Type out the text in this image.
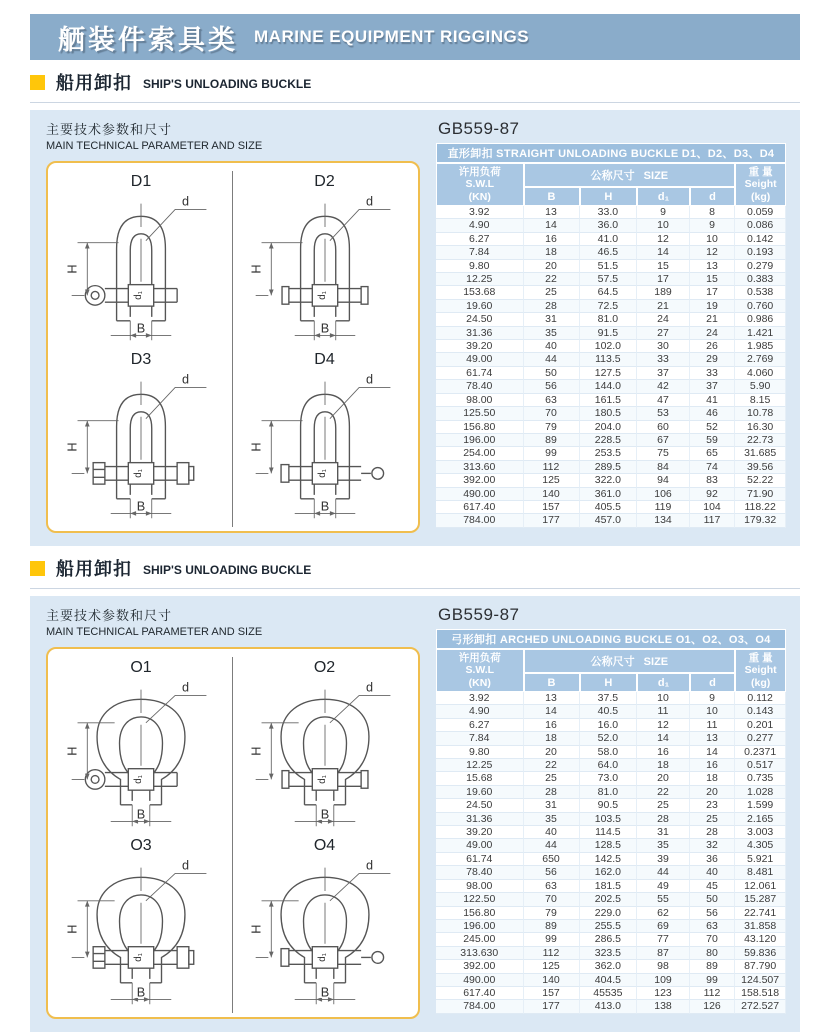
舾装件索具类 MARINE EQUIPMENT RIGGINGS
船用卸扣 SHIP'S UNLOADING BUCKLE
主要技术参数和尺寸
MAIN TECHNICAL PARAMETER AND SIZE
D1
d
H
B
d₁
D2
d
H
B
d₁
D3
d
H
B
d₁
D4
d
H
B
d₁
GB559-87
直形卸扣 STRAIGHT UNLOADING BUCKLE D1、D2、D3、D4					

许用负荷
S.W.L
(KN)
	公称尺寸 SIZE	重 量
Seight
(kg)

	B	H	d₁	d	
3.92	13	33.0	9	8	0.059
4.90	14	36.0	10	9	0.086
6.27	16	41.0	12	10	0.142
7.84	18	46.5	14	12	0.193
9.80	20	51.5	15	13	0.279
12.25	22	57.5	17	15	0.383
153.68	25	64.5	189	17	0.538
19.60	28	72.5	21	19	0.760
24.50	31	81.0	24	21	0.986
31.36	35	91.5	27	24	1.421
39.20	40	102.0	30	26	1.985
49.00	44	113.5	33	29	2.769
61.74	50	127.5	37	33	4.060
78.40	56	144.0	42	37	5.90
98.00	63	161.5	47	41	8.15
125.50	70	180.5	53	46	10.78
156.80	79	204.0	60	52	16.30
196.00	89	228.5	67	59	22.73
254.00	99	253.5	75	65	31.685
313.60	112	289.5	84	74	39.56
392.00	125	322.0	94	83	52.22
490.00	140	361.0	106	92	71.90
617.40	157	405.5	119	104	118.22
784.00	177	457.0	134	117	179.32
船用卸扣 SHIP'S UNLOADING BUCKLE
主要技术参数和尺寸
MAIN TECHNICAL PARAMETER AND SIZE
O1
d
H
B
d₁
O2
d
H
B
d₁
O3
d
H
B
d₁
O4
d
H
B
d₁
GB559-87
弓形卸扣 ARCHED UNLOADING BUCKLE O1、O2、O3、O4					

许用负荷
S.W.L
(KN)
	公称尺寸 SIZE	重 量
Seight
(kg)

	B	H	d₁	d	
3.92	13	37.5	10	9	0.112
4.90	14	40.5	11	10	0.143
6.27	16	16.0	12	11	0.201
7.84	18	52.0	14	13	0.277
9.80	20	58.0	16	14	0.2371
12.25	22	64.0	18	16	0.517
15.68	25	73.0	20	18	0.735
19.60	28	81.0	22	20	1.028
24.50	31	90.5	25	23	1.599
31.36	35	103.5	28	25	2.165
39.20	40	114.5	31	28	3.003
49.00	44	128.5	35	32	4.305
61.74	650	142.5	39	36	5.921
78.40	56	162.0	44	40	8.481
98.00	63	181.5	49	45	12.061
122.50	70	202.5	55	50	15.287
156.80	79	229.0	62	56	22.741
196.00	89	255.5	69	63	31.858
245.00	99	286.5	77	70	43.120
313.630	112	323.5	87	80	59.836
392.00	125	362.0	98	89	87.790
490.00	140	404.5	109	99	124.507
617.40	157	45535	123	112	158.518
784.00	177	413.0	138	126	272.527
